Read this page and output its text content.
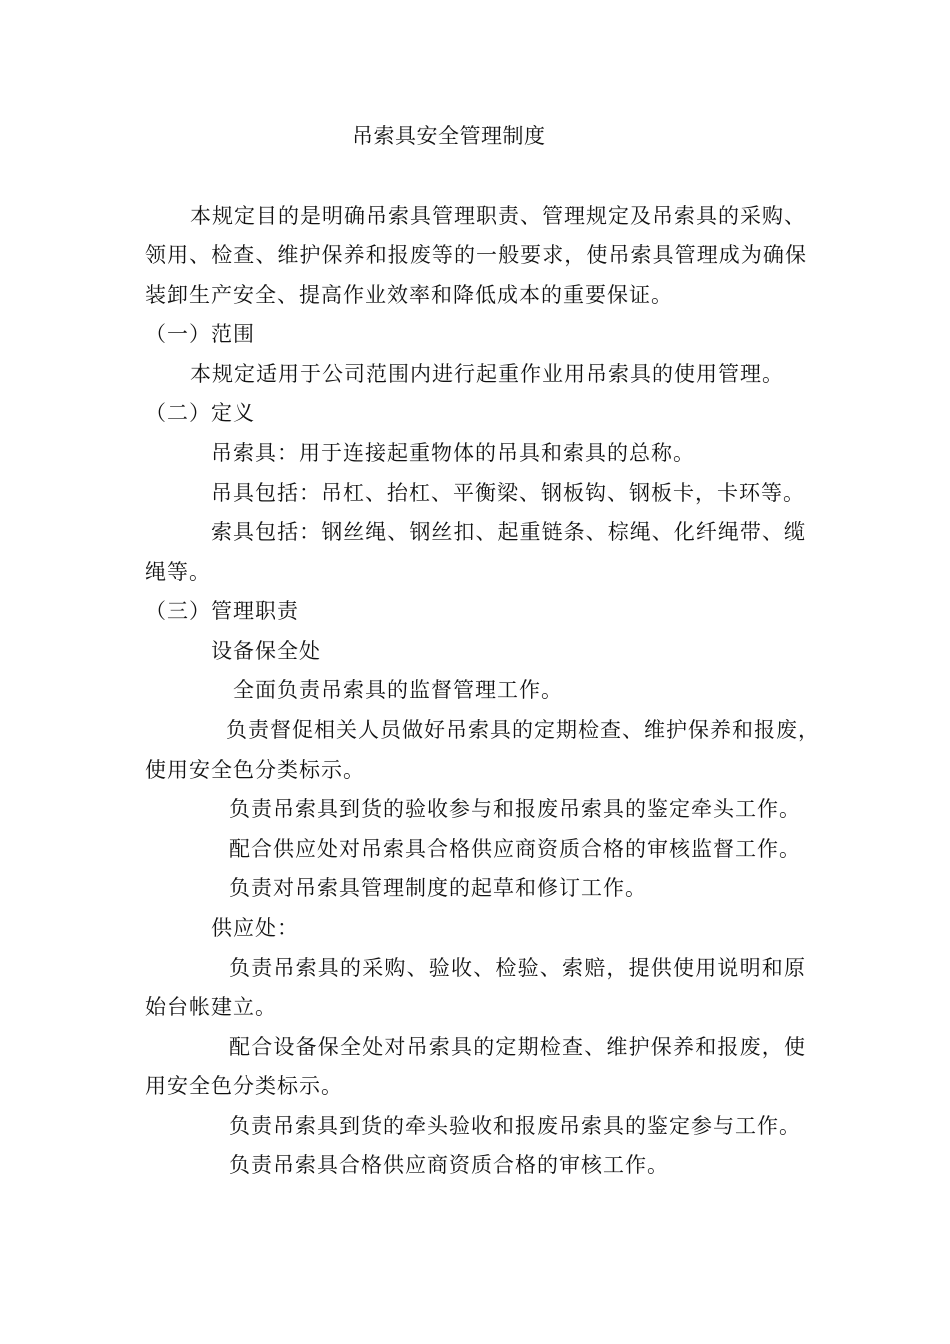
吊索具安全管理制度
本规定目的是明确吊索具管理职责、管理规定及吊索具的采购、
领用、检查、维护保养和报废等的一般要求，使吊索具管理成为确保
装卸生产安全、提高作业效率和降低成本的重要保证。
（一）范围
本规定适用于公司范围内进行起重作业用吊索具的使用管理。
（二）定义
吊索具：用于连接起重物体的吊具和索具的总称。
吊具包括：吊杠、抬杠、平衡梁、钢板钩、钢板卡，卡环等。
索具包括：钢丝绳、钢丝扣、起重链条、棕绳、化纤绳带、缆
绳等。
（三）管理职责
设备保全处
全面负责吊索具的监督管理工作。
负责督促相关人员做好吊索具的定期检查、维护保养和报废，
使用安全色分类标示。
负责吊索具到货的验收参与和报废吊索具的鉴定牵头工作。
配合供应处对吊索具合格供应商资质合格的审核监督工作。
负责对吊索具管理制度的起草和修订工作。
供应处：
负责吊索具的采购、验收、检验、索赔，提供使用说明和原
始台帐建立。
配合设备保全处对吊索具的定期检查、维护保养和报废，使
用安全色分类标示。
负责吊索具到货的牵头验收和报废吊索具的鉴定参与工作。
负责吊索具合格供应商资质合格的审核工作。
